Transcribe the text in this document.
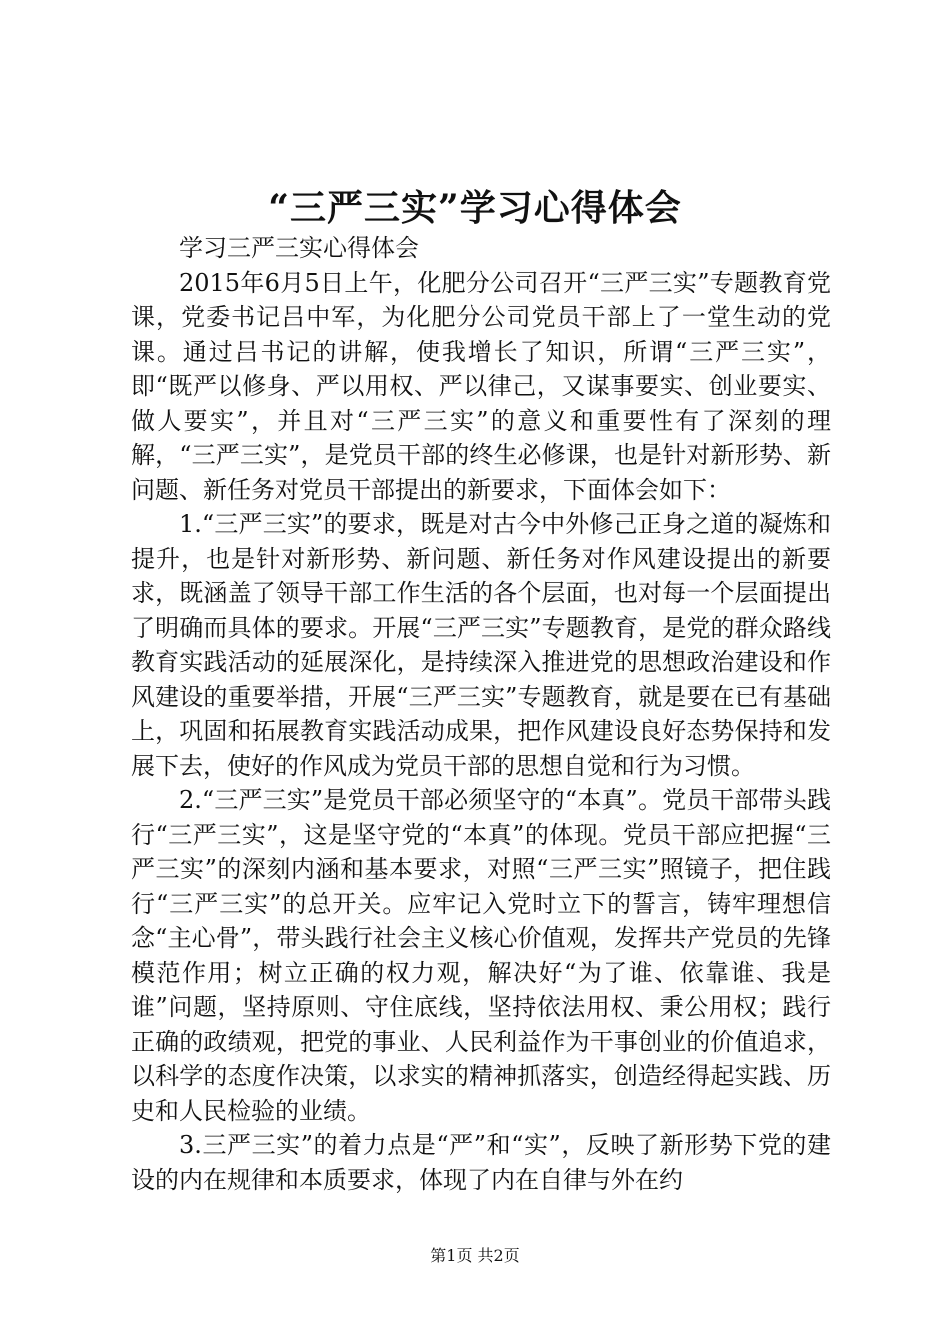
“三严三实”学习心得体会

学习三严三实心得体会

2015年6月5日上午，化肥分公司召开“三严三实”专题教育党课，党委书记吕中军，为化肥分公司党员干部上了一堂生动的党课。通过吕书记的讲解，使我增长了知识，所谓“三严三实”，即“既严以修身、严以用权、严以律己，又谋事要实、创业要实、做人要实”，并且对“三严三实”的意义和重要性有了深刻的理解，“三严三实”，是党员干部的终生必修课，也是针对新形势、新问题、新任务对党员干部提出的新要求，下面体会如下：

1.“三严三实”的要求，既是对古今中外修己正身之道的凝炼和提升，也是针对新形势、新问题、新任务对作风建设提出的新要求，既涵盖了领导干部工作生活的各个层面，也对每一个层面提出了明确而具体的要求。开展“三严三实”专题教育，是党的群众路线教育实践活动的延展深化，是持续深入推进党的思想政治建设和作风建设的重要举措，开展“三严三实”专题教育，就是要在已有基础上，巩固和拓展教育实践活动成果，把作风建设良好态势保持和发展下去，使好的作风成为党员干部的思想自觉和行为习惯。

2.“三严三实”是党员干部必须坚守的“本真”。党员干部带头践行“三严三实”，这是坚守党的“本真”的体现。党员干部应把握“三严三实”的深刻内涵和基本要求，对照“三严三实”照镜子，把住践行“三严三实”的总开关。应牢记入党时立下的誓言，铸牢理想信念“主心骨”，带头践行社会主义核心价值观，发挥共产党员的先锋模范作用；树立正确的权力观，解决好“为了谁、依靠谁、我是谁”问题，坚持原则、守住底线，坚持依法用权、秉公用权；践行正确的政绩观，把党的事业、人民利益作为干事创业的价值追求，以科学的态度作决策，以求实的精神抓落实，创造经得起实践、历史和人民检验的业绩。

3.三严三实”的着力点是“严”和“实”，反映了新形势下党的建设的内在规律和本质要求，体现了内在自律与外在约

第1页 共2页
